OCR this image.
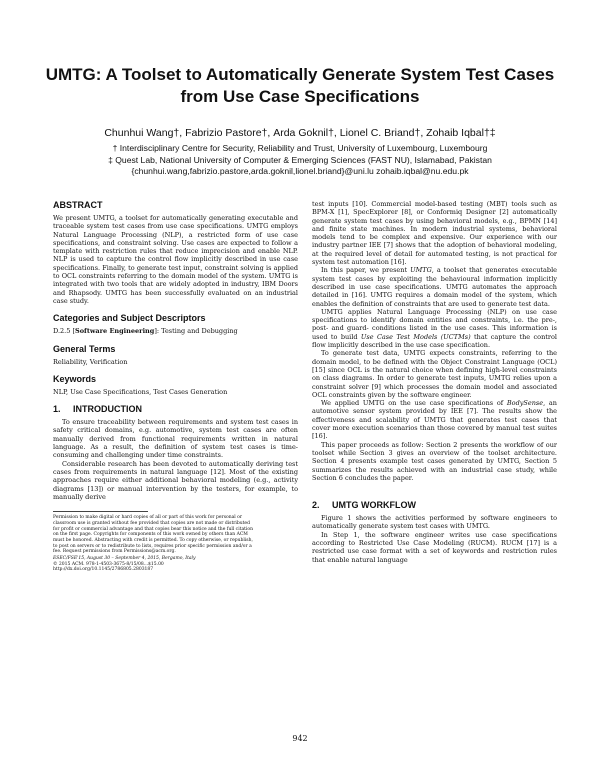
UMTG: A Toolset to Automatically Generate System Test Cases from Use Case Specifications
Chunhui Wang†, Fabrizio Pastore†, Arda Goknil†, Lionel C. Briand†, Zohaib Iqbal†‡
† Interdisciplinary Centre for Security, Reliability and Trust, University of Luxembourg, Luxembourg
‡ Quest Lab, National University of Computer & Emerging Sciences (FAST NU), Islamabad, Pakistan
{chunhui.wang,fabrizio.pastore,arda.goknil,lionel.briand}@uni.lu zohaib.iqbal@nu.edu.pk
ABSTRACT

We present UMTG, a toolset for automatically generating executable and traceable system test cases from use case specifications. UMTG employs Natural Language Processing (NLP), a restricted form of use case specifications, and constraint solving. Use cases are expected to follow a template with restriction rules that reduce imprecision and enable NLP. NLP is used to capture the control flow implicitly described in use case specifications. Finally, to generate test input, constraint solving is applied to OCL constraints referring to the domain model of the system. UMTG is integrated with two tools that are widely adopted in industry, IBM Doors and Rhapsody. UMTG has been successfully evaluated on an industrial case study.

Categories and Subject Descriptors

D.2.5 [Software Engineering]: Testing and Debugging

General Terms

Reliability, Verification

Keywords

NLP, Use Case Specifications, Test Cases Generation

1. INTRODUCTION

To ensure traceability between requirements and system test cases in safety critical domains, e.g. automotive, system test cases are often manually derived from functional requirements written in natural language. As a result, the definition of system test cases is time-consuming and challenging under time constraints.

Considerable research has been devoted to automatically deriving test cases from requirements in natural language [12]. Most of the existing approaches require either additional behavioral modeling (e.g., activity diagrams [13]) or manual intervention by the testers, for example, to manually derive

Permission to make digital or hard copies of all or part of this work for personal or
classroom use is granted without fee provided that copies are not made or distributed
for profit or commercial advantage and that copies bear this notice and the full citation
on the first page. Copyrights for components of this work owned by others than ACM
must be honored. Abstracting with credit is permitted. To copy otherwise, or republish,
to post on servers or to redistribute to lists, requires prior specific permission and/or a
fee. Request permissions from Permissions@acm.org.
ESEC/FSE'15, August 30 – September 4, 2015, Bergamo, Italy
© 2015 ACM. 978-1-4503-3675-8/15/08...$15.00
http://dx.doi.org/10.1145/2786805.2803187

test inputs [10]. Commercial model-based testing (MBT) tools such as BPM-X [1], SpecExplorer [8], or Conformiq Designer [2] automatically generate system test cases by using behavioral models, e.g., BPMN [14] and finite state machines. In modern industrial systems, behavioral models tend to be complex and expensive. Our experience with our industry partner IEE [7] shows that the adoption of behavioral modeling, at the required level of detail for automated testing, is not practical for system test automation [16].

In this paper, we present UMTG, a toolset that generates executable system test cases by exploiting the behavioural information implicitly described in use case specifications. UMTG automates the approach detailed in [16]. UMTG requires a domain model of the system, which enables the definition of constraints that are used to generate test data.

UMTG applies Natural Language Processing (NLP) on use case specifications to identify domain entities and constraints, i.e. the pre-, post- and guard- conditions listed in the use cases. This information is used to build Use Case Test Models (UCTMs) that capture the control flow implicitly described in the use case specification.

To generate test data, UMTG expects constraints, referring to the domain model, to be defined with the Object Constraint Language (OCL) [15] since OCL is the natural choice when defining high-level constraints on class diagrams. In order to generate test inputs, UMTG relies upon a constraint solver [9] which processes the domain model and associated OCL constraints given by the software engineer.

We applied UMTG on the use case specifications of BodySense, an automotive sensor system provided by IEE [7]. The results show the effectiveness and scalability of UMTG that generates test cases that cover more execution scenarios than those covered by manual test suites [16].

This paper proceeds as follow: Section 2 presents the workflow of our toolset while Section 3 gives an overview of the toolset architecture. Section 4 presents example test cases generated by UMTG, Section 5 summarizes the results achieved with an industrial case study, while Section 6 concludes the paper.

2. UMTG WORKFLOW

Figure 1 shows the activities performed by software engineers to automatically generate system test cases with UMTG.

In Step 1, the software engineer writes use case specifications according to Restricted Use Case Modeling (RUCM). RUCM [17] is a restricted use case format with a set of keywords and restriction rules that enable natural language

942
